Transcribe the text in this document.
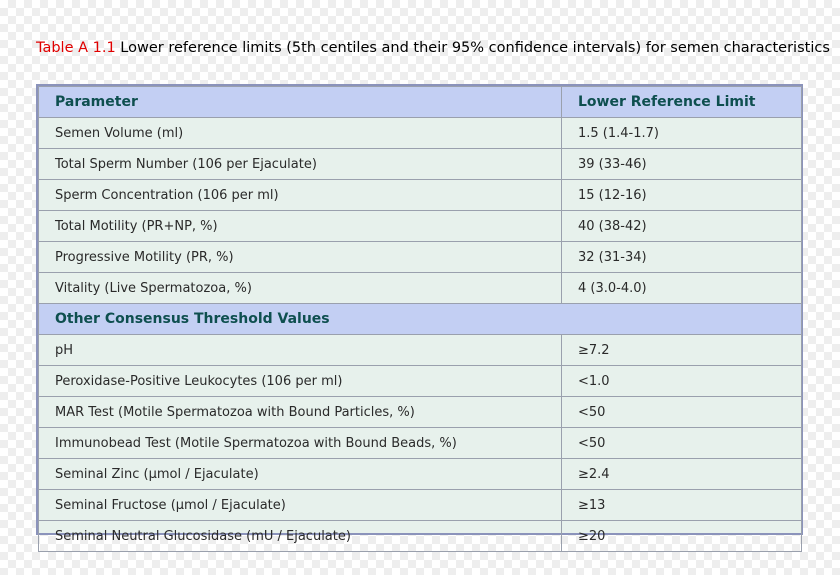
Table A 1.1 Lower reference limits (5th centiles and their 95% confidence intervals) for semen characteristics
Parameter	Lower Reference Limit
Semen Volume (ml)	1.5 (1.4-1.7)
Total Sperm Number (106 per Ejaculate)	39 (33-46)
Sperm Concentration (106 per ml)	15 (12-16)
Total Motility (PR+NP, %)	40 (38-42)
Progressive Motility (PR, %)	32 (31-34)
Vitality (Live Spermatozoa, %)	4 (3.0-4.0)
Other Consensus Threshold Values	
pH	≥7.2
Peroxidase-Positive Leukocytes (106 per ml)	<1.0
MAR Test (Motile Spermatozoa with Bound Particles, %)	<50
Immunobead Test (Motile Spermatozoa with Bound Beads, %)	<50
Seminal Zinc (µmol / Ejaculate)	≥2.4
Seminal Fructose (µmol / Ejaculate)	≥13
Seminal Neutral Glucosidase (mU / Ejaculate)	≥20
